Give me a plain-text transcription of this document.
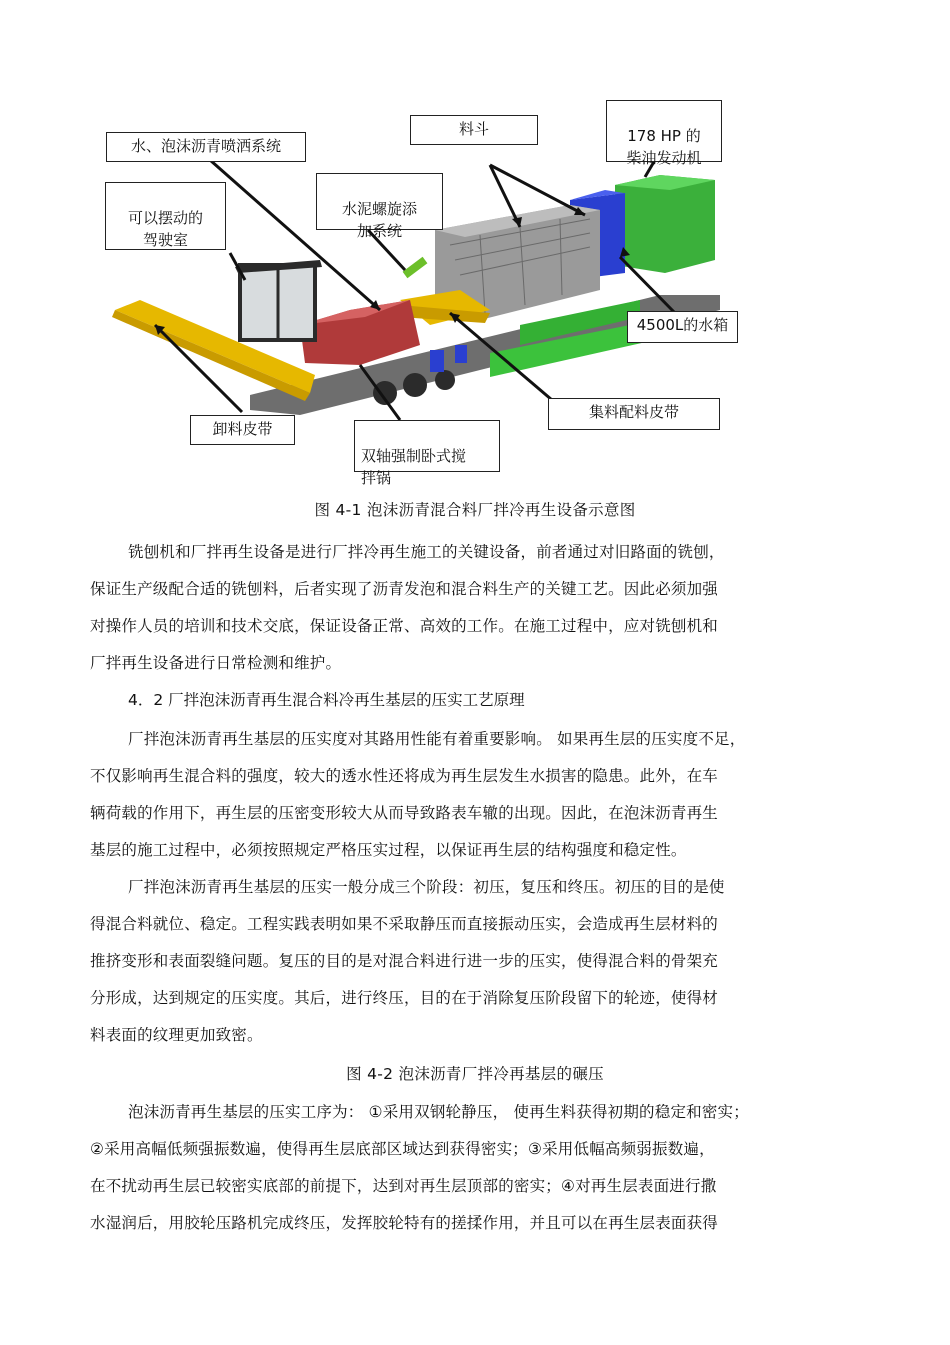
水、泡沫沥青喷洒系统

可以摆动的
驾驶室

水泥螺旋添
加系统

料斗	178 HP 的
柴油发动机

4500L的水箱
集料配料皮带
卸料皮带

双轴强制卧式搅
拌锅

图 4-1 泡沫沥青混合料厂拌冷再生设备示意图
铣刨机和厂拌再生设备是进行厂拌冷再生施工的关键设备，前者通过对旧路面的铣刨，
保证生产级配合适的铣刨料，后者实现了沥青发泡和混合料生产的关键工艺。因此必须加强
对操作人员的培训和技术交底，保证设备正常、高效的工作。在施工过程中，应对铣刨机和
厂拌再生设备进行日常检测和维护。
4．2 厂拌泡沫沥青再生混合料冷再生基层的压实工艺原理
厂拌泡沫沥青再生基层的压实度对其路用性能有着重要影响。 如果再生层的压实度不足，
不仅影响再生混合料的强度，较大的透水性还将成为再生层发生水损害的隐患。此外，在车
辆荷载的作用下，再生层的压密变形较大从而导致路表车辙的出现。因此，在泡沫沥青再生
基层的施工过程中，必须按照规定严格压实过程，以保证再生层的结构强度和稳定性。
厂拌泡沫沥青再生基层的压实一般分成三个阶段：初压，复压和终压。初压的目的是使
得混合料就位、稳定。工程实践表明如果不采取静压而直接振动压实，会造成再生层材料的
推挤变形和表面裂缝问题。复压的目的是对混合料进行进一步的压实，使得混合料的骨架充
分形成，达到规定的压实度。其后，进行终压，目的在于消除复压阶段留下的轮迹，使得材
料表面的纹理更加致密。
图 4-2 泡沫沥青厂拌冷再基层的碾压
泡沫沥青再生基层的压实工序为： ①采用双钢轮静压， 使再生料获得初期的稳定和密实；
②采用高幅低频强振数遍，使得再生层底部区域达到获得密实；③采用低幅高频弱振数遍，
在不扰动再生层已较密实底部的前提下，达到对再生层顶部的密实；④对再生层表面进行撒
水湿润后，用胶轮压路机完成终压，发挥胶轮特有的搓揉作用，并且可以在再生层表面获得
